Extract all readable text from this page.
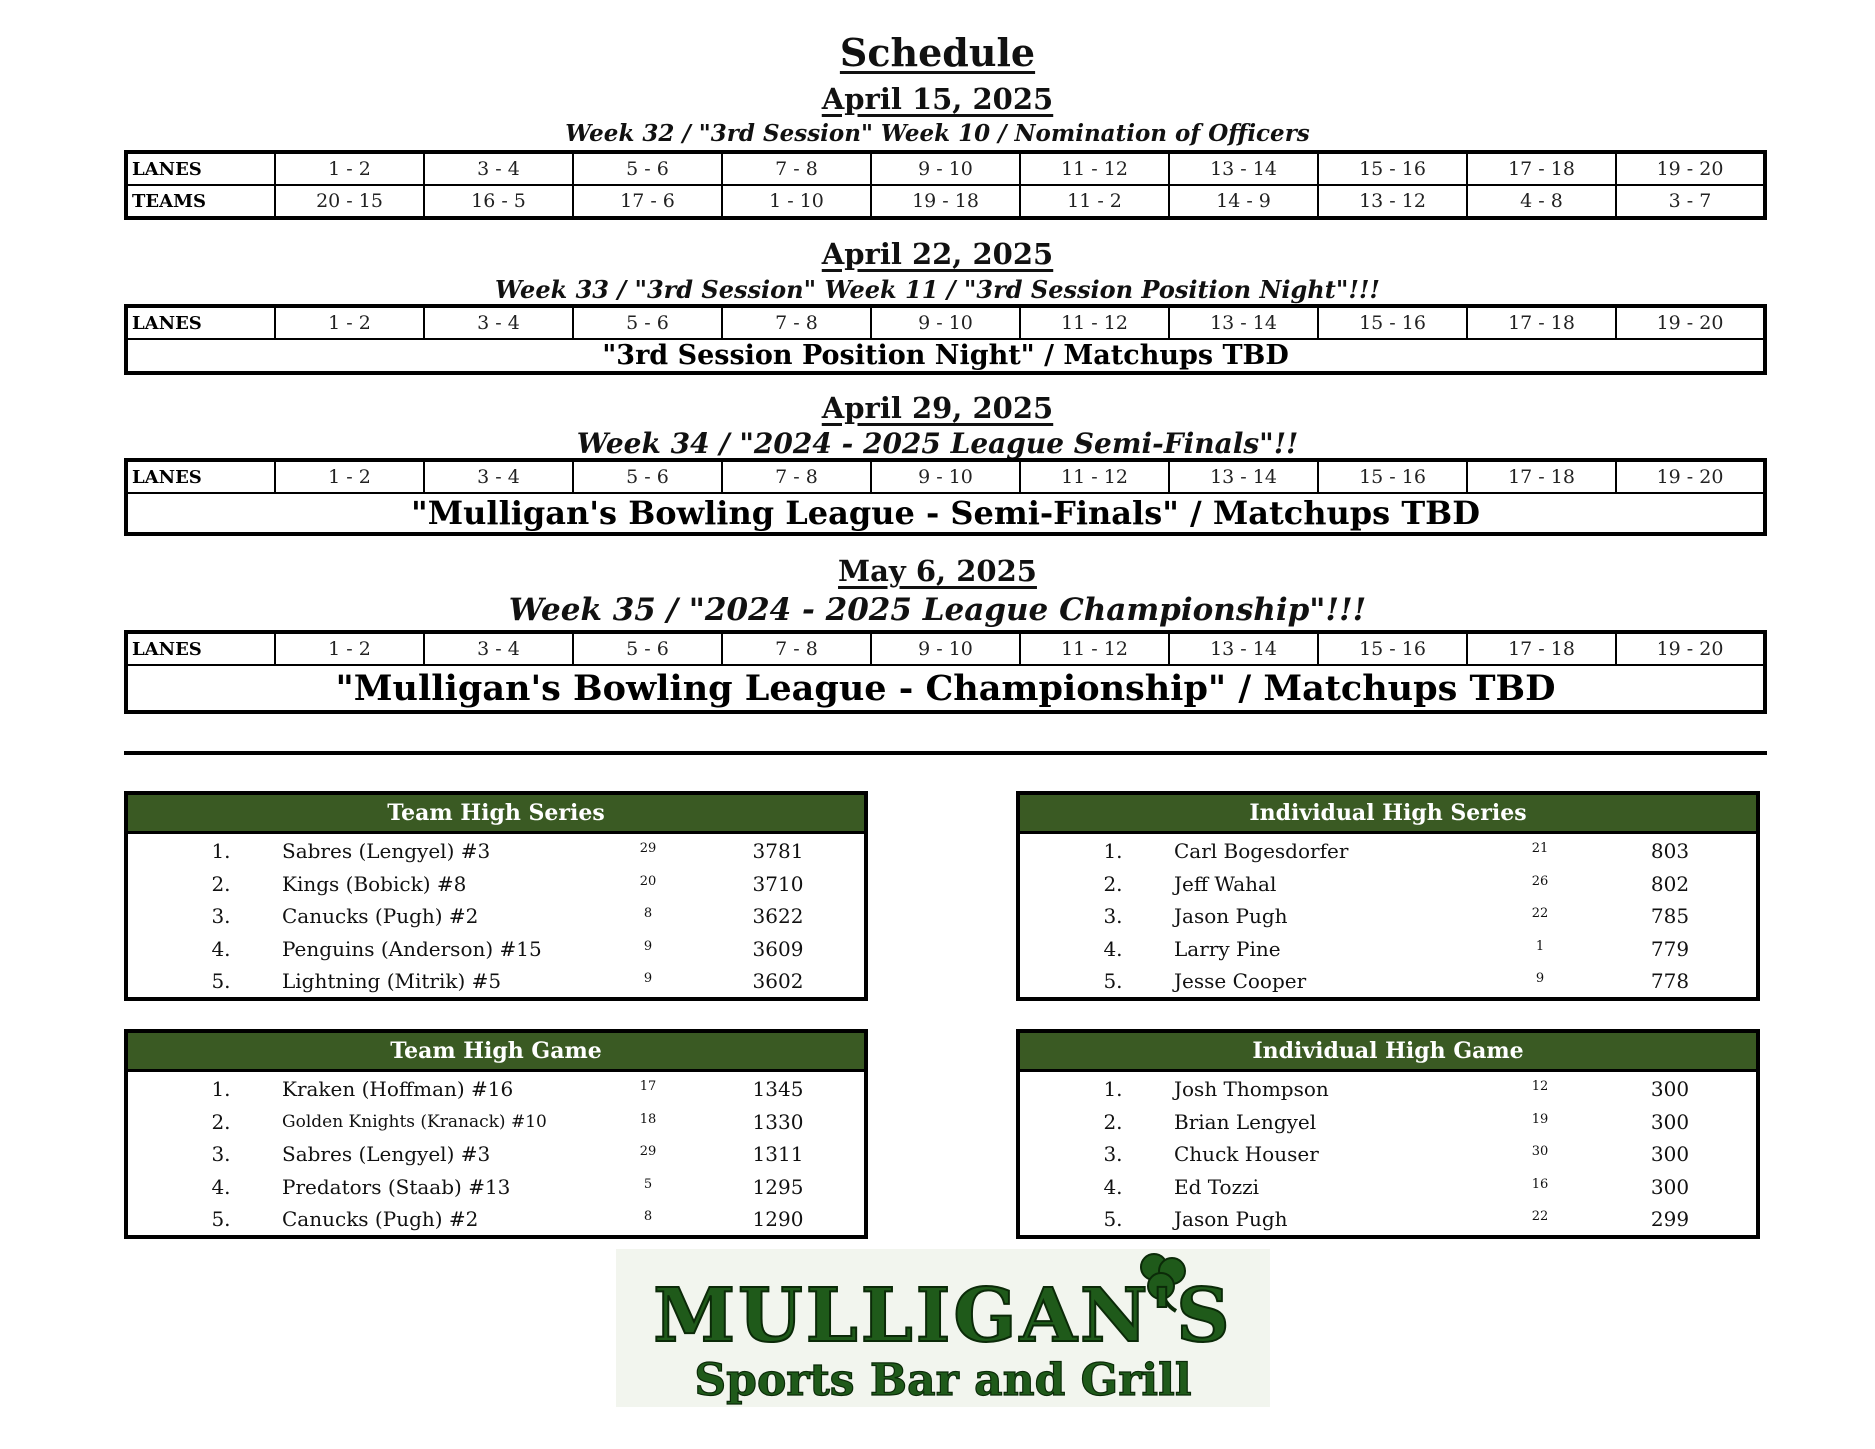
Schedule
April 15, 2025
Week 32 / "3rd Session" Week 10 / Nomination of Officers
LANES	1 - 2	3 - 4	5 - 6	7 - 8	9 - 10	11 - 12	13 - 14	15 - 16	17 - 18	19 - 20
TEAMS	20 - 15	16 - 5	17 - 6	1 - 10	19 - 18	11 - 2	14 - 9	13 - 12	4 - 8	3 - 7
April 22, 2025
Week 33 / "3rd Session" Week 11 / "3rd Session Position Night"!!!
LANES	1 - 2	3 - 4	5 - 6	7 - 8	9 - 10	11 - 12	13 - 14	15 - 16	17 - 18	19 - 20
"3rd Session Position Night" / Matchups TBD
April 29, 2025
Week 34 / "2024 - 2025 League Semi-Finals"!!
LANES	1 - 2	3 - 4	5 - 6	7 - 8	9 - 10	11 - 12	13 - 14	15 - 16	17 - 18	19 - 20
"Mulligan's Bowling League - Semi-Finals" / Matchups TBD
May 6, 2025
Week 35 / "2024 - 2025 League Championship"!!!
LANES	1 - 2	3 - 4	5 - 6	7 - 8	9 - 10	11 - 12	13 - 14	15 - 16	17 - 18	19 - 20
"Mulligan's Bowling League - Championship" / Matchups TBD
Team High Series
1.	Sabres (Lengyel) #3	29	3781
2.	Kings (Bobick) #8	20	3710
3.	Canucks (Pugh) #2	8	3622
4.	Penguins (Anderson) #15	9	3609
5.	Lightning (Mitrik) #5	9	3602
Individual High Series
1.	Carl Bogesdorfer	21	803
2.	Jeff Wahal	26	802
3.	Jason Pugh	22	785
4.	Larry Pine	1	779
5.	Jesse Cooper	9	778
Team High Game
1.	Kraken (Hoffman) #16	17	1345
2.	Golden Knights (Kranack) #10	18	1330
3.	Sabres (Lengyel) #3	29	1311
4.	Predators (Staab) #13	5	1295
5.	Canucks (Pugh) #2	8	1290
Individual High Game
1.	Josh Thompson	12	300
2.	Brian Lengyel	19	300
3.	Chuck Houser	30	300
4.	Ed Tozzi	16	300
5.	Jason Pugh	22	299
MULLIGAN'S
Sports Bar and Grill
